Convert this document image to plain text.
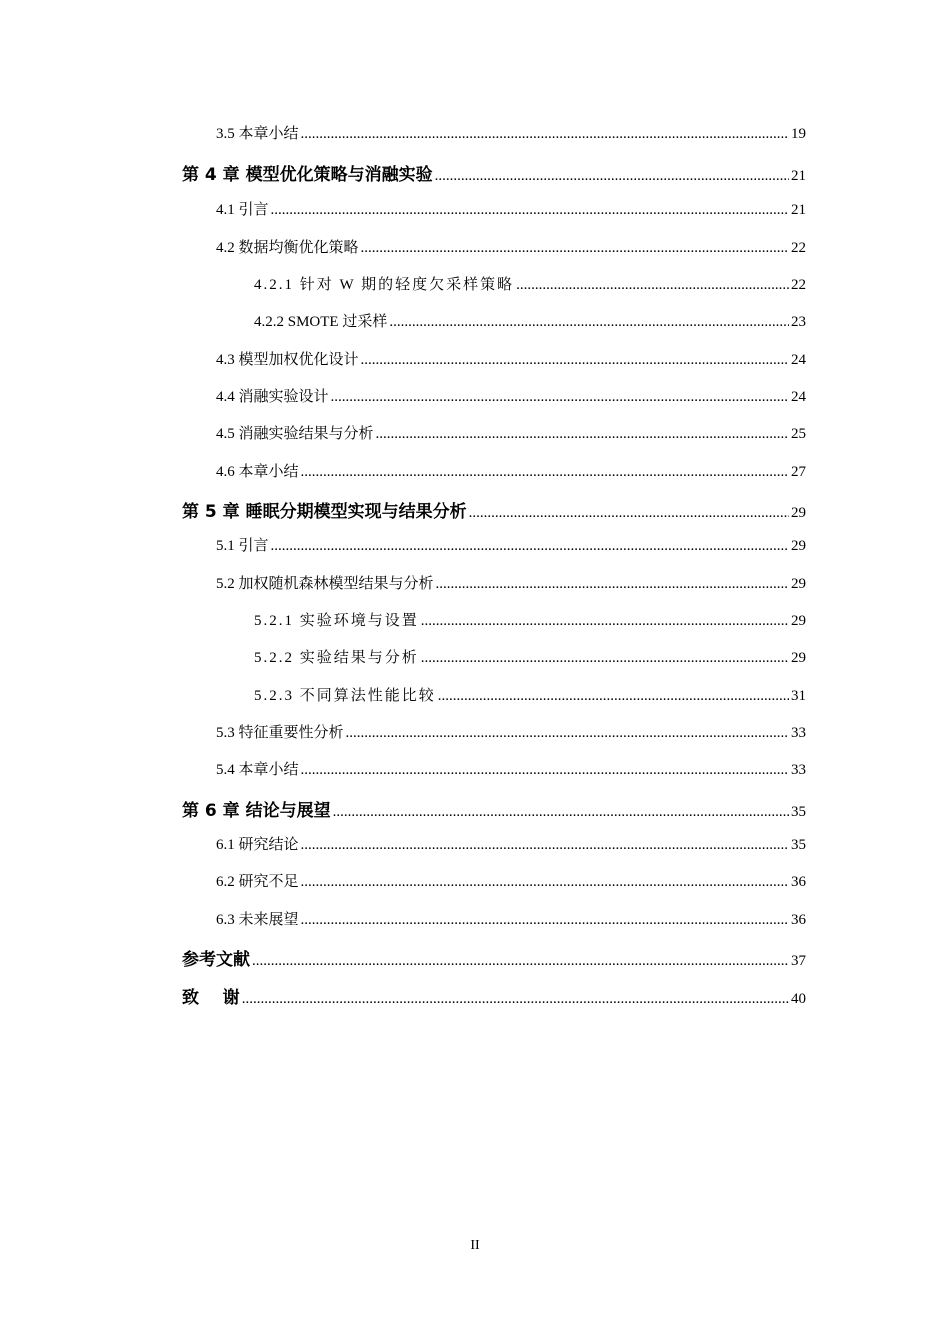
3.5 本章小结 .....	19
第 4 章 模型优化策略与消融实验 .....	21
4.1 引言 .....	21
4.2 数据均衡优化策略 .....	22
4.2.1 针对 W 期的轻度欠采样策略 .....	22
4.2.2 SMOTE 过采样 .....	23
4.3 模型加权优化设计 .....	24
4.4 消融实验设计 .....	24
4.5 消融实验结果与分析 .....	25
4.6 本章小结 .....	27
第 5 章 睡眠分期模型实现与结果分析 .....	29
5.1 引言 .....	29
5.2 加权随机森林模型结果与分析 .....	29
5.2.1 实验环境与设置 .....	29
5.2.2 实验结果与分析 .....	29
5.2.3 不同算法性能比较 .....	31
5.3 特征重要性分析 .....	33
5.4 本章小结 .....	33
第 6 章 结论与展望 .....	35
6.1 研究结论 .....	35
6.2 研究不足 .....	36
6.3 未来展望 .....	36
参考文献 .....	37
致    谢 .....	40
II
